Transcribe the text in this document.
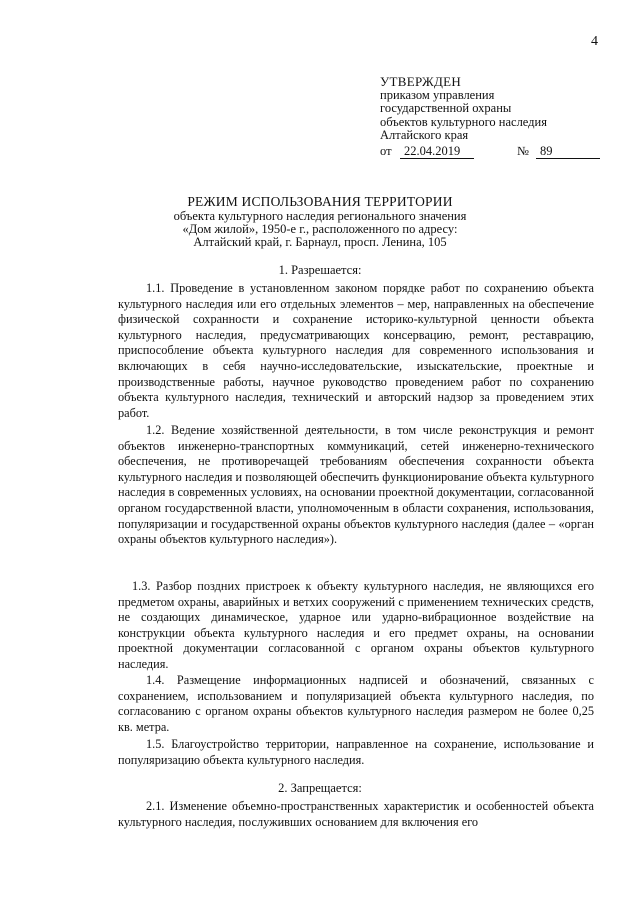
4
УТВЕРЖДЕН
приказом управления
государственной охраны
объектов культурного наследия
Алтайского края
от 22.04.2019	№ 89
РЕЖИМ ИСПОЛЬЗОВАНИЯ ТЕРРИТОРИИ
объекта культурного наследия регионального значения
«Дом жилой», 1950-е г., расположенного по адресу:
Алтайский край, г. Барнаул, просп. Ленина, 105
1. Разрешается:

1.1. Проведение в установленном законом порядке работ по сохранению объекта культурного наследия или его отдельных элементов – мер, направленных на обеспечение физической сохранности и сохранение историко-культурной ценности объекта культурного наследия, предусматривающих консервацию, ремонт, реставрацию, приспособление объекта культурного наследия для современного использования и включающих в себя научно-исследовательские, изыскательские, проектные и производственные работы, научное руководство проведением работ по сохранению объекта культурного наследия, технический и авторский надзор за проведением этих работ.

1.2. Ведение хозяйственной деятельности, в том числе реконструкция и ремонт объектов инженерно-транспортных коммуникаций, сетей инженерно-технического обеспечения, не противоречащей требованиям обеспечения сохранности объекта культурного наследия и позволяющей обеспечить функционирование объекта культурного наследия в современных условиях, на основании проектной документации, согласованной органом государственной власти, уполномоченным в области сохранения, использования, популяризации и государственной охраны объектов культурного наследия (далее – «орган охраны объектов культурного наследия»).

1.3. Разбор поздних пристроек к объекту культурного наследия, не являющихся его предметом охраны, аварийных и ветхих сооружений с применением технических средств, не создающих динамическое, ударное или ударно-вибрационное воздействие на конструкции объекта культурного наследия и его предмет охраны, на основании проектной документации согласованной с органом охраны объектов культурного наследия.

1.4. Размещение информационных надписей и обозначений, связанных с сохранением, использованием и популяризацией объекта культурного наследия, по согласованию с органом охраны объектов культурного наследия размером не более 0,25 кв. метра.

1.5. Благоустройство территории, направленное на сохранение, использование и популяризацию объекта культурного наследия.

2. Запрещается:

2.1. Изменение объемно-пространственных характеристик и особенностей объекта культурного наследия, послуживших основанием для включения его
